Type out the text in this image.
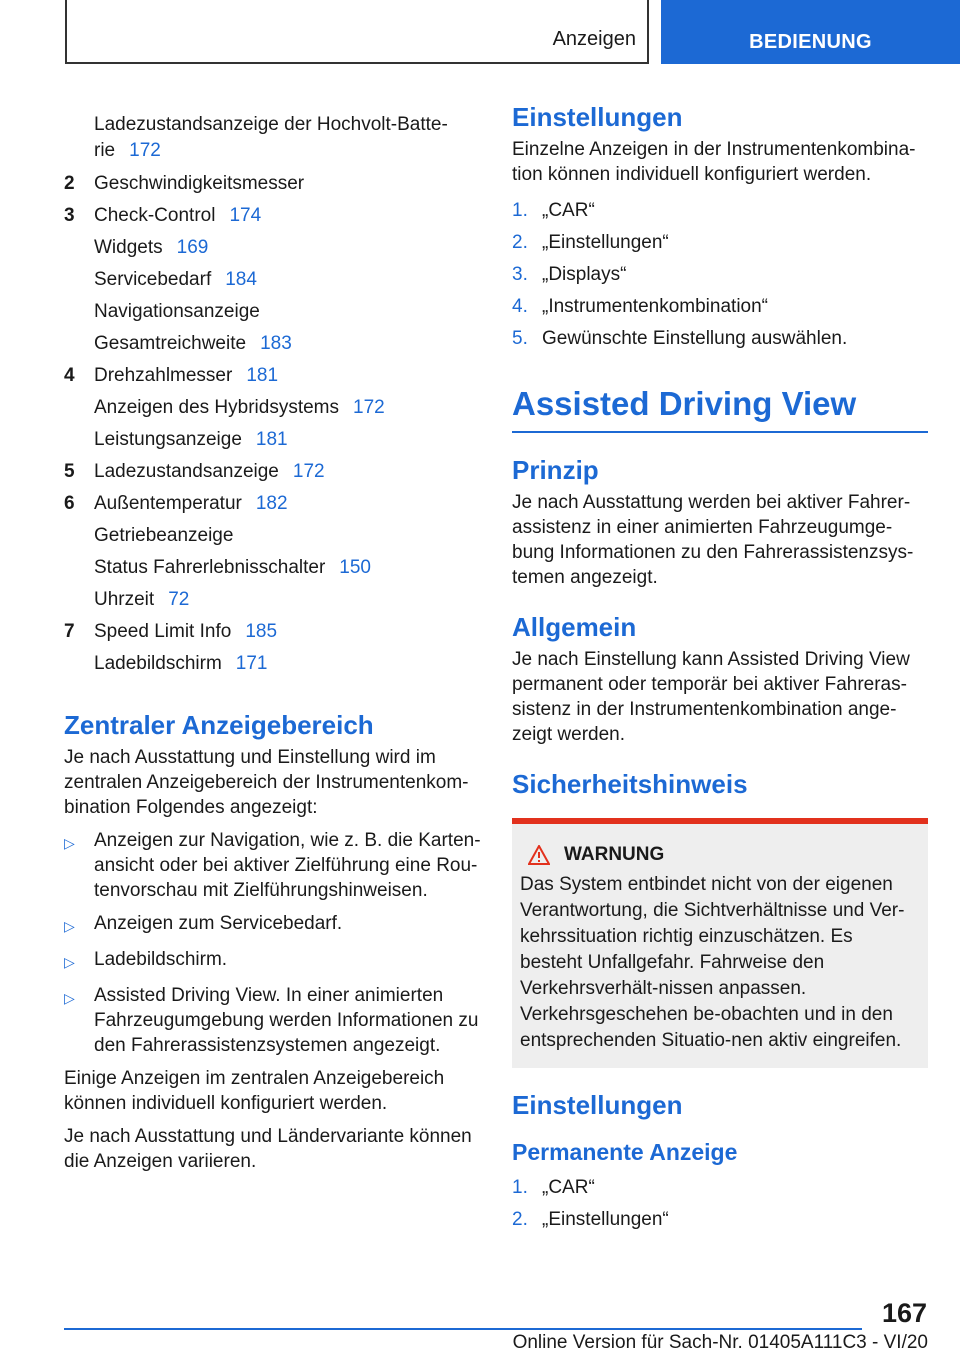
Anzeigen	BEDIENUNG
Ladezustandsanzeige der Hochvolt-Batte-rie 172
2	Geschwindigkeitsmesser
3	Check-Control 174
Widgets 169
Servicebedarf 184
Navigationsanzeige
Gesamtreichweite 183
4	Drehzahlmesser 181
Anzeigen des Hybridsystems 172
Leistungsanzeige 181
5	Ladezustandsanzeige 172
6	Außentemperatur 182
Getriebeanzeige
Status Fahrerlebnisschalter 150
Uhrzeit 72
7	Speed Limit Info 185
Ladebildschirm 171
Zentraler Anzeigebereich

Je nach Ausstattung und Einstellung wird im zentralen Anzeigebereich der Instrumentenkom-bination Folgendes angezeigt:

▷	Anzeigen zur Navigation, wie z. B. die Karten-ansicht oder bei aktiver Zielführung eine Rou-tenvorschau mit Zielführungshinweisen.
▷	Anzeigen zum Servicebedarf.
▷	Ladebildschirm.
▷	Assisted Driving View. In einer animierten Fahrzeugumgebung werden Informationen zu den Fahrerassistenzsystemen angezeigt.

Einige Anzeigen im zentralen Anzeigebereich können individuell konfiguriert werden.

Je nach Ausstattung und Ländervariante können die Anzeigen variieren.

Einstellungen

Einzelne Anzeigen in der Instrumentenkombina-tion können individuell konfiguriert werden.

1. „CAR“
2. „Einstellungen“
3. „Displays“
4. „Instrumentenkombination“
5. Gewünschte Einstellung auswählen.
Assisted Driving View
Prinzip

Je nach Ausstattung werden bei aktiver Fahrer-assistenz in einer animierten Fahrzeugumge-bung Informationen zu den Fahrerassistenzsys-temen angezeigt.

Allgemein

Je nach Einstellung kann Assisted Driving View permanent oder temporär bei aktiver Fahreras-sistenz in der Instrumentenkombination ange-zeigt werden.

Sicherheitshinweis
WARNUNG

Das System entbindet nicht von der eigenen Verantwortung, die Sichtverhältnisse und Ver-kehrssituation richtig einzuschätzen. Es besteht Unfallgefahr. Fahrweise den Verkehrsverhält-nissen anpassen. Verkehrsgeschehen be-obachten und in den entsprechenden Situatio-nen aktiv eingreifen.

Einstellungen
Permanente Anzeige
1. „CAR“
2. „Einstellungen“
167
Online Version für Sach-Nr. 01405A111C3 - VI/20
